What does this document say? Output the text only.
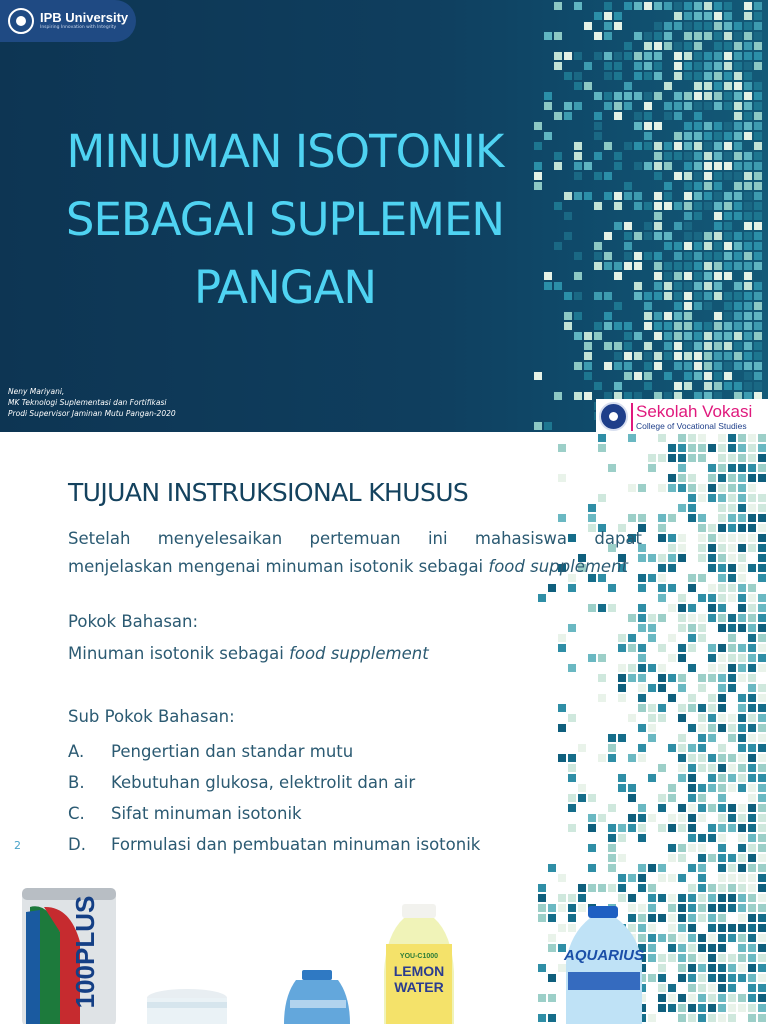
IPB University
Inspiring Innovation with Integrity
MINUMAN ISOTONIK
SEBAGAI SUPLEMEN
PANGAN
Neny Mariyani,
MK Teknologi Suplementasi dan Fortifikasi
Prodi Supervisor Jaminan Mutu Pangan-2020	Sekolah Vokasi
College of Vocational Studies
TUJUAN INSTRUKSIONAL KHUSUS
Setelah menyelesaikan pertemuan ini mahasiswa dapat
menjelaskan mengenai minuman isotonik sebagai food supplement
Pokok Bahasan:
Minuman isotonik sebagai food supplement
Sub Pokok Bahasan:
A.	Pengertian dan standar mutu
B.	Kebutuhan glukosa, elektrolit dan air
C.	Sifat minuman isotonik
D.	Formulasi dan pembuatan minuman isotonik
2
100PLUS	YOU-C1000
LEMON WATER
AQUARIUS
